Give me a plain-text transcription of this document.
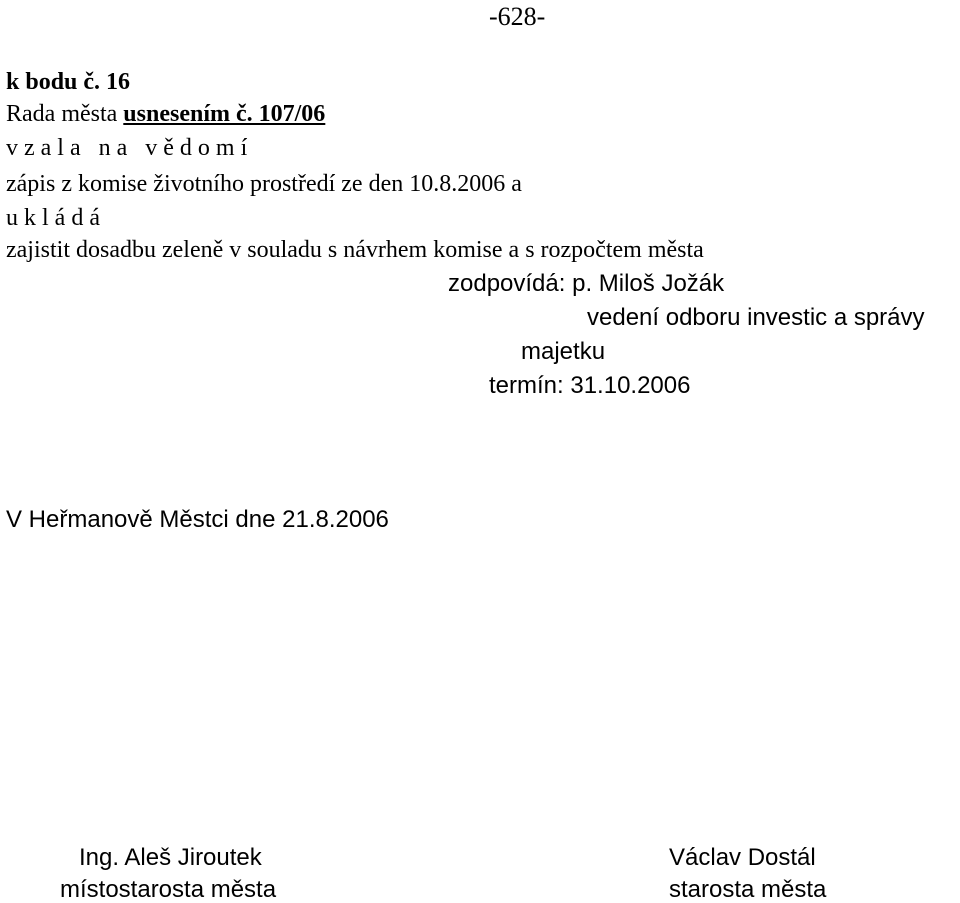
-628-
k bodu č. 16
Rada města usnesením č. 107/06
v z a l a   n a   v ě d o m í
zápis z komise životního prostředí ze den 10.8.2006 a
u k l á d á
zajistit dosadbu zeleně v souladu s návrhem komise a s rozpočtem města
zodpovídá: p. Miloš Jožák
vedení odboru investic a správy
majetku
termín: 31.10.2006
V Heřmanově Městci dne 21.8.2006
Ing. Aleš Jiroutek
místostarosta města
Václav Dostál
starosta města
